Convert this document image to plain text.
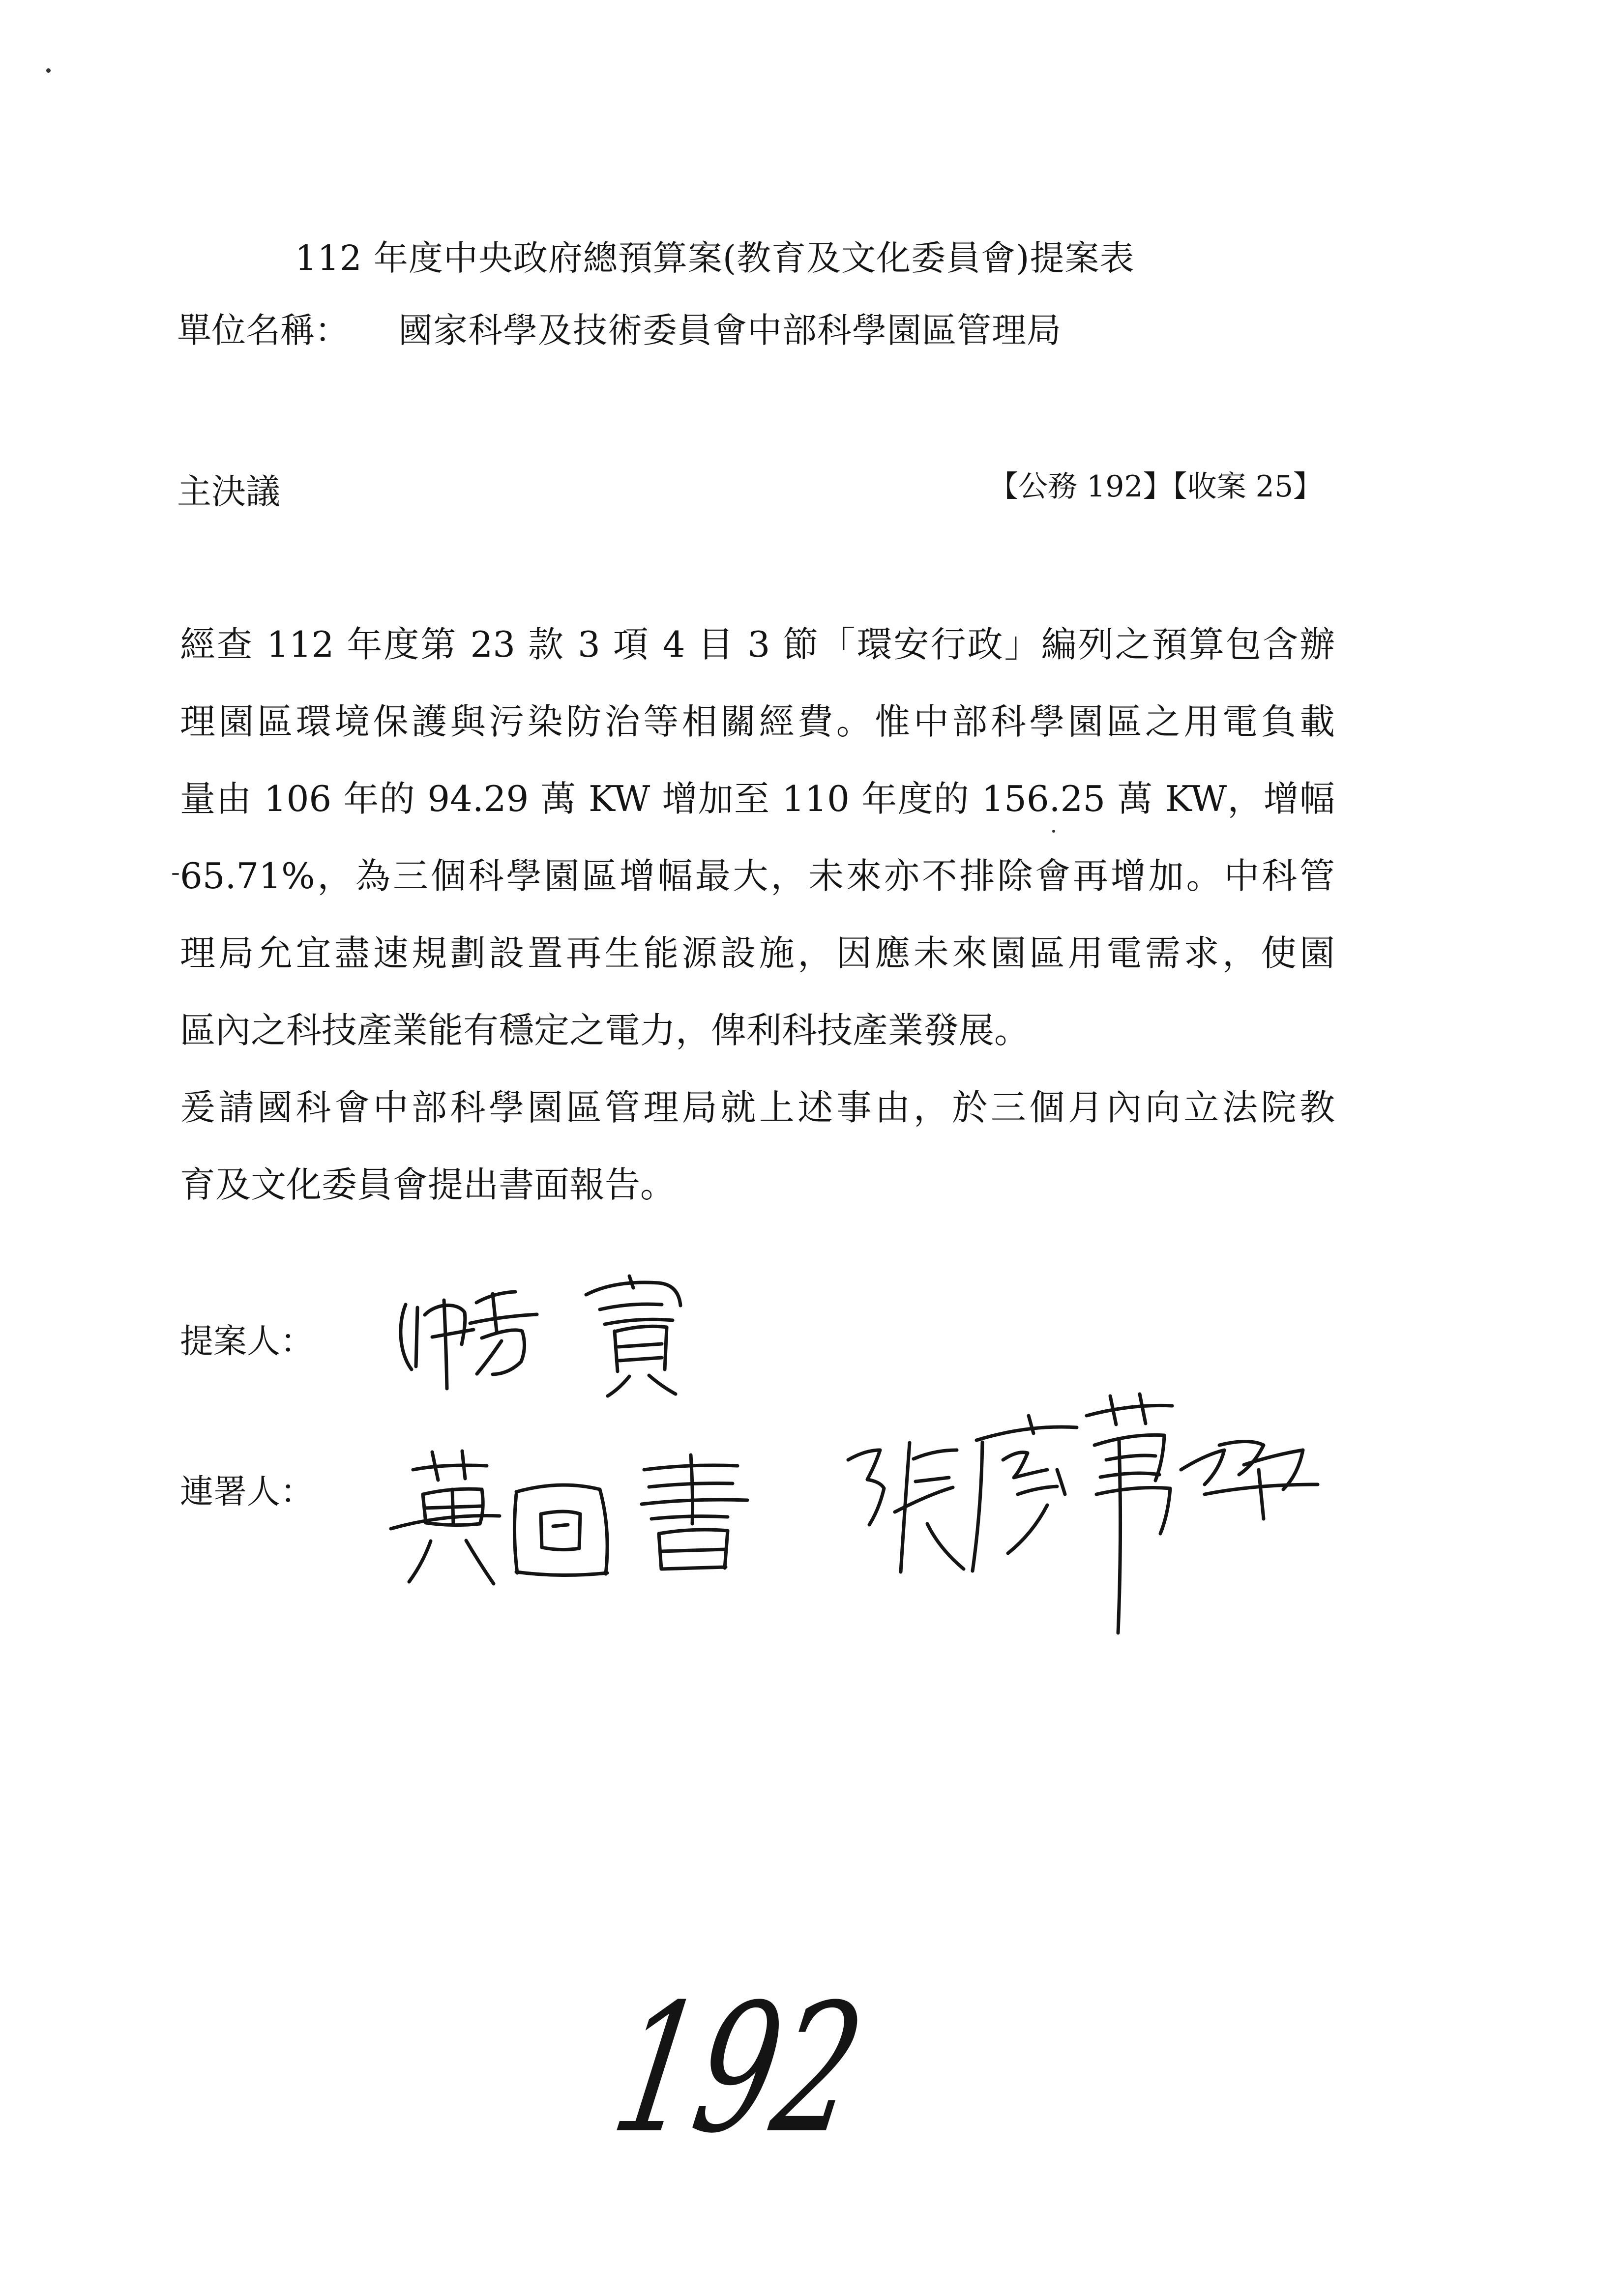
112 年度中央政府總預算案(教育及文化委員會)提案表
單位名稱： 國家科學及技術委員會中部科學園區管理局
主決議	【公務 192】【收案 25】
經查 112 年度第 23 款 3 項 4 目 3 節「環安行政」編列之預算包含辦
理園區環境保護與污染防治等相關經費。惟中部科學園區之用電負載
量由 106 年的 94.29 萬 KW 增加至 110 年度的 156.25 萬 KW，增幅
65.71%，為三個科學園區增幅最大，未來亦不排除會再增加。中科管
理局允宜盡速規劃設置再生能源設施，因應未來園區用電需求，使園
區內之科技產業能有穩定之電力，俾利科技產業發展。
爰請國科會中部科學園區管理局就上述事由，於三個月內向立法院教
育及文化委員會提出書面報告。
提案人：
連署人：
192
